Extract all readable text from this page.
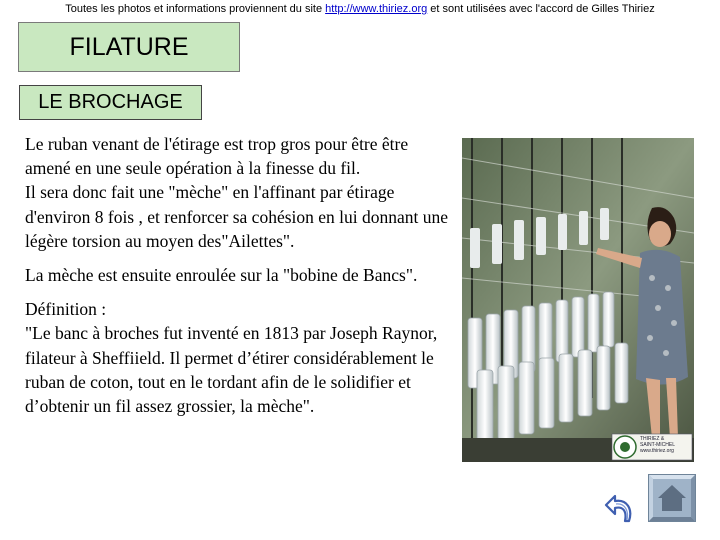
Toutes les photos et informations proviennent du site http://www.thiriez.org et sont utilisées avec l'accord de Gilles Thiriez
FILATURE
LE BROCHAGE

Le ruban venant de l'étirage est trop gros pour être être amené en une seule opération à la finesse du fil.
Il sera donc fait une "mèche" en l'affinant par étirage d'environ 8 fois , et renforcer sa cohésion en lui donnant une légère torsion au moyen des"Ailettes".

La mèche est ensuite enroulée sur la "bobine de Bancs".

Définition :
"Le banc à broches fut inventé en 1813 par Joseph Raynor, filateur à Sheffiield. Il permet d’étirer considérablement le ruban de coton, tout en le tordant afin de le solidifier et d’obtenir un fil assez grossier, la mèche".

THIRIEZ &
SAINT-MICHEL
www.thiriez.org
